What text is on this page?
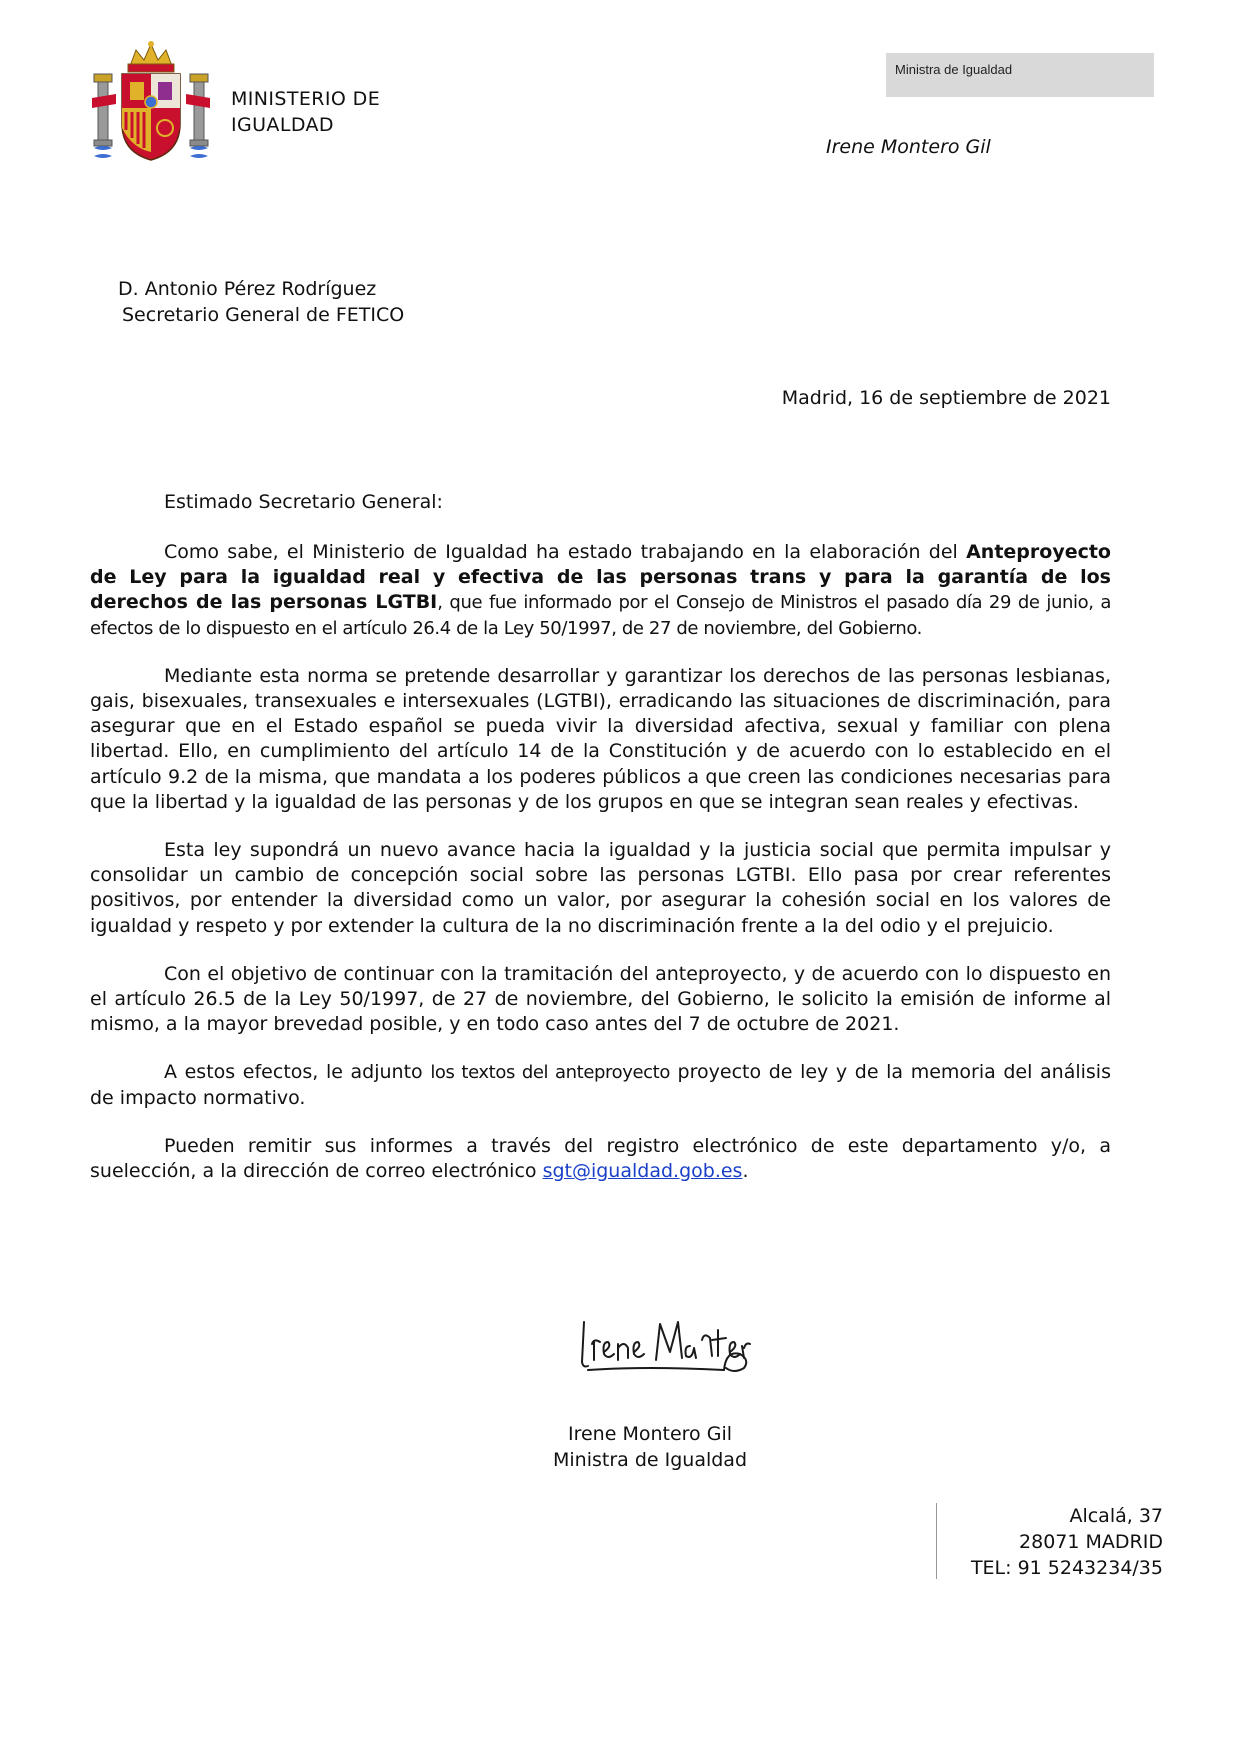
MINISTERIO DE
IGUALDAD
Ministra de Igualdad
Irene Montero Gil
D. Antonio Pérez Rodríguez
Secretario General de FETICO
Madrid, 16 de septiembre de 2021
Estimado Secretario General:

Como sabe, el Ministerio de Igualdad ha estado trabajando en la elaboración del Anteproyecto de Ley para la igualdad real y efectiva de las personas trans y para la garantía de los derechos de las personas LGTBI, que fue informado por el Consejo de Ministros el pasado día 29 de junio, a efectos de lo dispuesto en el artículo 26.4 de la Ley 50/1997, de 27 de noviembre, del Gobierno.

Mediante esta norma se pretende desarrollar y garantizar los derechos de las personas lesbianas, gais, bisexuales, transexuales e intersexuales (LGTBI), erradicando las situaciones de discriminación, para asegurar que en el Estado español se pueda vivir la diversidad afectiva, sexual y familiar con plena libertad. Ello, en cumplimiento del artículo 14 de la Constitución y de acuerdo con lo establecido en el artículo 9.2 de la misma, que mandata a los poderes públicos a que creen las condiciones necesarias para que la libertad y la igualdad de las personas y de los grupos en que se integran sean reales y efectivas.

Esta ley supondrá un nuevo avance hacia la igualdad y la justicia social que permita impulsar y consolidar un cambio de concepción social sobre las personas LGTBI. Ello pasa por crear referentes positivos, por entender la diversidad como un valor, por asegurar la cohesión social en los valores de igualdad y respeto y por extender la cultura de la no discriminación frente a la del odio y el prejuicio.

Con el objetivo de continuar con la tramitación del anteproyecto, y de acuerdo con lo dispuesto en el artículo 26.5 de la Ley 50/1997, de 27 de noviembre, del Gobierno, le solicito la emisión de informe al mismo, a la mayor brevedad posible, y en todo caso antes del 7 de octubre de 2021.

A estos efectos, le adjunto los textos del anteproyecto proyecto de ley y de la memoria del análisis de impacto normativo.

Pueden remitir sus informes a través del registro electrónico de este departamento y/o, a suelección, a la dirección de correo electrónico sgt@igualdad.gob.es.

Irene Montero Gil
Ministra de Igualdad
Alcalá, 37
28071 MADRID
TEL: 91 5243234/35
